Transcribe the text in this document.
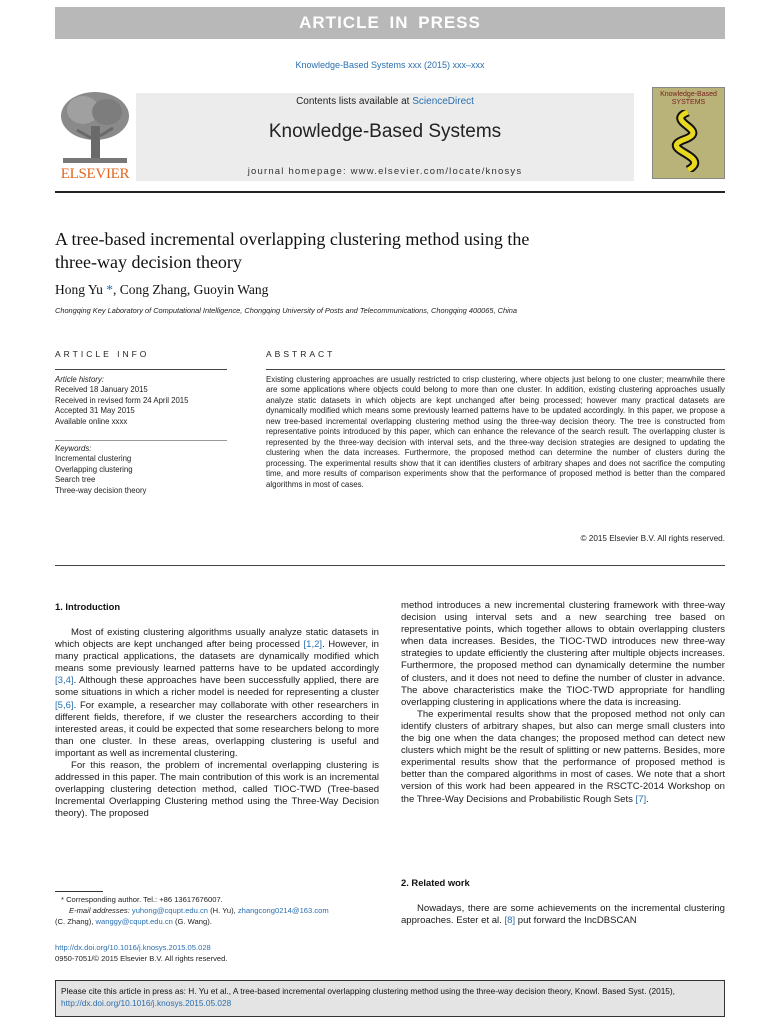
ARTICLE IN PRESS
Knowledge-Based Systems xxx (2015) xxx–xxx
ELSEVIER
Contents lists available at ScienceDirect
Knowledge-Based Systems
journal homepage: www.elsevier.com/locate/knosys
Knowledge-Based SYSTEMS
A tree-based incremental overlapping clustering method using the
three-way decision theory
Hong Yu *, Cong Zhang, Guoyin Wang
Chongqing Key Laboratory of Computational Intelligence, Chongqing University of Posts and Telecommunications, Chongqing 400065, China
ARTICLE INFO	ABSTRACT
Article history:
Received 18 January 2015
Received in revised form 24 April 2015
Accepted 31 May 2015
Available online xxxx
Keywords:
Incremental clustering
Overlapping clustering
Search tree
Three-way decision theory
Existing clustering approaches are usually restricted to crisp clustering, where objects just belong to one cluster; meanwhile there are some applications where objects could belong to more than one cluster. In addition, existing clustering approaches usually analyze static datasets in which objects are kept unchanged after being processed; however many practical datasets are dynamically modified which means some previously learned patterns have to be updated accordingly. In this paper, we propose a new tree-based incremental overlapping clustering method using the three-way decision theory. The tree is constructed from representative points introduced by this paper, which can enhance the relevance of the search result. The overlapping cluster is represented by the three-way decision with interval sets, and the three-way decision strategies are designed to updating the clustering when the data increases. Furthermore, the proposed method can determine the number of clusters during the processing. The experimental results show that it can identifies clusters of arbitrary shapes and does not sacrifice the computing time, and more results of comparison experiments show that the performance of proposed method is better than the compared algorithms in most of cases.
© 2015 Elsevier B.V. All rights reserved.
1. Introduction

Most of existing clustering algorithms usually analyze static datasets in which objects are kept unchanged after being processed [1,2]. However, in many practical applications, the datasets are dynamically modified which means some previously learned patterns have to be updated accordingly [3,4]. Although these approaches have been successfully applied, there are some situations in which a richer model is needed for representing a cluster [5,6]. For example, a researcher may collaborate with other researchers in different fields, therefore, if we cluster the researchers according to their interested areas, it could be expected that some researchers belong to more than one cluster. In these areas, overlapping clustering is useful and important as well as incremental clustering.

For this reason, the problem of incremental overlapping clustering is addressed in this paper. The main contribution of this work is an incremental overlapping clustering detection method, called TIOC-TWD (Tree-based Incremental Overlapping Clustering method using the Three-Way Decision theory). The proposed

method introduces a new incremental clustering framework with three-way decision using interval sets and a new searching tree based on representative points, which together allows to obtain overlapping clusters when data increases. Besides, the TIOC-TWD introduces new three-way strategies to update efficiently the clustering after multiple objects increases. Furthermore, the proposed method can dynamically determine the number of clusters, and it does not need to define the number of cluster in advance. The above characteristics make the TIOC-TWD appropriate for handling overlapping clustering in applications where the data is increasing.

The experimental results show that the proposed method not only can identify clusters of arbitrary shapes, but also can merge small clusters into the big one when the data changes; the proposed method can detect new clusters which might be the result of splitting or new patterns. Besides, more experimental results show that the performance of proposed method is better than the compared algorithms in most of cases. We note that a short version of this work had been appeared in the RSCTC-2014 Workshop on the Three-Way Decisions and Probabilistic Rough Sets [7].

2. Related work

Nowadays, there are some achievements on the incremental clustering approaches. Ester et al. [8] put forward the IncDBSCAN

* Corresponding author. Tel.: +86 13617676007.
E-mail addresses: yuhong@cqupt.edu.cn (H. Yu), zhangcong0214@163.com
(C. Zhang), wanggy@cqupt.edu.cn (G. Wang).
http://dx.doi.org/10.1016/j.knosys.2015.05.028
0950-7051/© 2015 Elsevier B.V. All rights reserved.
Please cite this article in press as: H. Yu et al., A tree-based incremental overlapping clustering method using the three-way decision theory, Knowl. Based Syst. (2015), http://dx.doi.org/10.1016/j.knosys.2015.05.028
